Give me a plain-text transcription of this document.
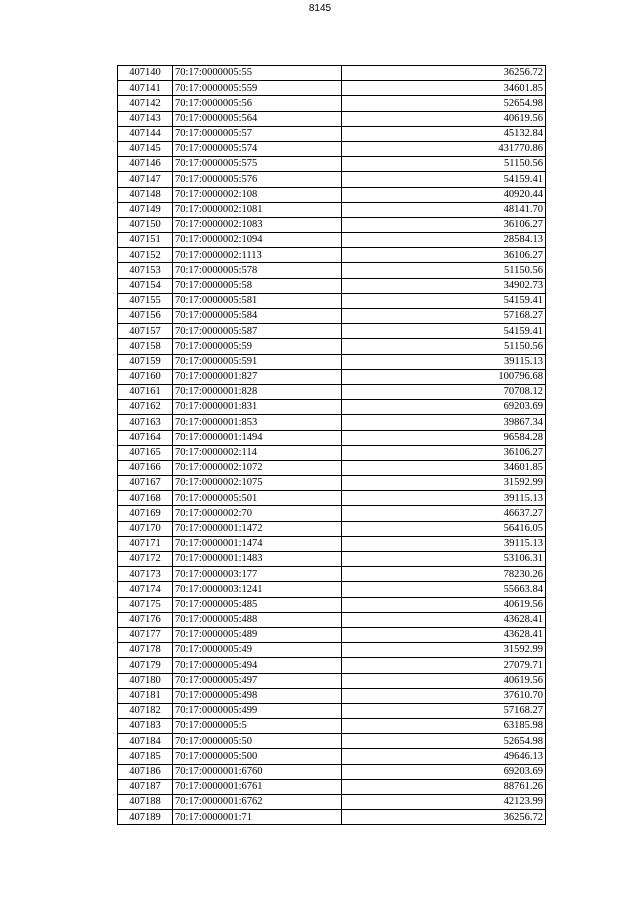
8145
407140	70:17:0000005:55	36256.72
407141	70:17:0000005:559	34601.85
407142	70:17:0000005:56	52654.98
407143	70:17:0000005:564	40619.56
407144	70:17:0000005:57	45132.84
407145	70:17:0000005:574	431770.86
407146	70:17:0000005:575	51150.56
407147	70:17:0000005:576	54159.41
407148	70:17:0000002:108	40920.44
407149	70:17:0000002:1081	48141.70
407150	70:17:0000002:1083	36106.27
407151	70:17:0000002:1094	28584.13
407152	70:17:0000002:1113	36106.27
407153	70:17:0000005:578	51150.56
407154	70:17:0000005:58	34902.73
407155	70:17:0000005:581	54159.41
407156	70:17:0000005:584	57168.27
407157	70:17:0000005:587	54159.41
407158	70:17:0000005:59	51150.56
407159	70:17:0000005:591	39115.13
407160	70:17:0000001:827	100796.68
407161	70:17:0000001:828	70708.12
407162	70:17:0000001:831	69203.69
407163	70:17:0000001:853	39867.34
407164	70:17:0000001:1494	96584.28
407165	70:17:0000002:114	36106.27
407166	70:17:0000002:1072	34601.85
407167	70:17:0000002:1075	31592.99
407168	70:17:0000005:501	39115.13
407169	70:17:0000002:70	46637.27
407170	70:17:0000001:1472	56416.05
407171	70:17:0000001:1474	39115.13
407172	70:17:0000001:1483	53106.31
407173	70:17:0000003:177	78230.26
407174	70:17:0000003:1241	55663.84
407175	70:17:0000005:485	40619.56
407176	70:17:0000005:488	43628.41
407177	70:17:0000005:489	43628.41
407178	70:17:0000005:49	31592.99
407179	70:17:0000005:494	27079.71
407180	70:17:0000005:497	40619.56
407181	70:17:0000005:498	37610.70
407182	70:17:0000005:499	57168.27
407183	70:17:0000005:5	63185.98
407184	70:17:0000005:50	52654.98
407185	70:17:0000005:500	49646.13
407186	70:17:0000001:6760	69203.69
407187	70:17:0000001:6761	88761.26
407188	70:17:0000001:6762	42123.99
407189	70:17:0000001:71	36256.72
